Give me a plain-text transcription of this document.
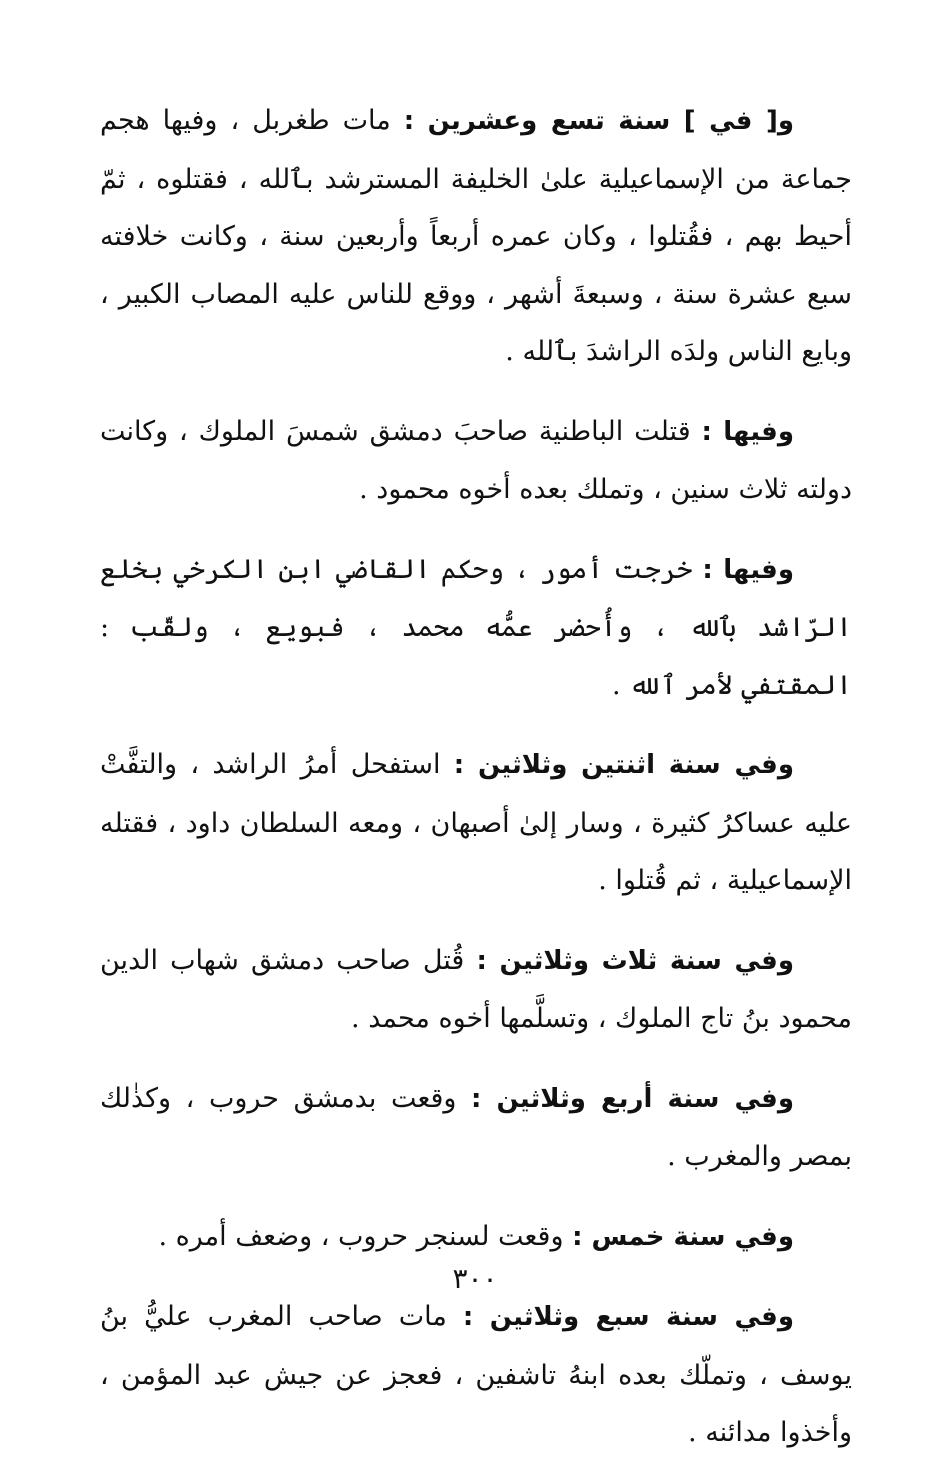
و[ في ] سنة تسع وعشرين : مات طغربل ، وفيها هجم جماعة من الإسماعيلية علىٰ الخليفة المسترشد بٱلله ، فقتلوه ، ثمّ أحيط بهم ، فقُتلوا ، وكان عمره أربعاً وأربعين سنة ، وكانت خلافته سبع عشرة سنة ، وسبعةَ أشهر ، ووقع للناس عليه المصاب الكبير ، وبايع الناس ولدَه الراشدَ بٱلله .

وفيها : قتلت الباطنية صاحبَ دمشق شمسَ الملوك ، وكانت دولته ثلاث سنين ، وتملك بعده أخوه محمود .

وفيها : خرجت أمور ، وحكم القاضي ابن الكرخي بخلع الرّاشد بٱلله ، وأُحضر عمُّه محمد ، فبويع ، ولقّب : المقتفي لأمر ٱلله .

وفي سنة اثنتين وثلاثين : استفحل أمرُ الراشد ، والتفَّتْ عليه عساكرُ كثيرة ، وسار إلىٰ أصبهان ، ومعه السلطان داود ، فقتله الإسماعيلية ، ثم قُتلوا .

وفي سنة ثلاث وثلاثين : قُتل صاحب دمشق شهاب الدين محمود بنُ تاج الملوك ، وتسلَّمها أخوه محمد .

وفي سنة أربع وثلاثين : وقعت بدمشق حروب ، وكذٰلك بمصر والمغرب .

وفي سنة خمس : وقعت لسنجر حروب ، وضعف أمره .

وفي سنة سبع وثلاثين : مات صاحب المغرب عليُّ بنُ يوسف ، وتملّك بعده ابنهُ تاشفين ، فعجز عن جيش عبد المؤمن ، وأخذوا مدائنه .

٣٠٠
